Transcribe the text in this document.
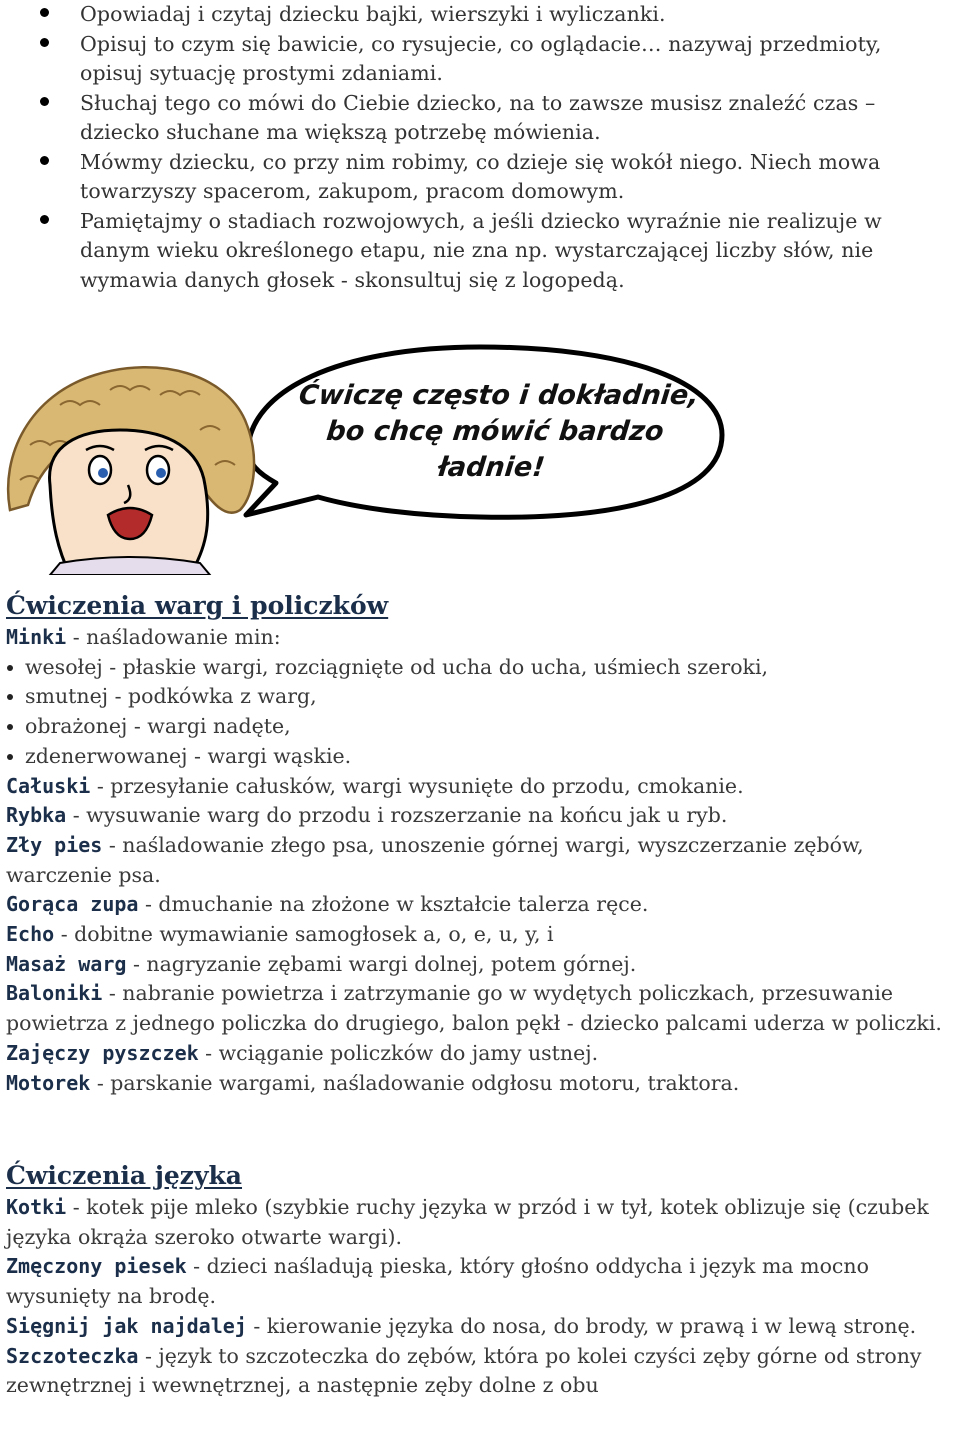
Opowiadaj i czytaj dziecku bajki, wierszyki i wyliczanki.

Opisuj to czym się bawicie, co rysujecie, co oglądacie… nazywaj przedmioty, opisuj sytuację prostymi zdaniami.

Słuchaj tego co mówi do Ciebie dziecko, na to zawsze musisz znaleźć czas – dziecko słuchane ma większą potrzebę mówienia.

Mówmy dziecku, co przy nim robimy, co dzieje się wokół niego. Niech mowa towarzyszy spacerom, zakupom, pracom domowym.

Pamiętajmy o stadiach rozwojowych, a jeśli dziecko wyraźnie nie realizuje w danym wieku określonego etapu, nie zna np. wystarczającej liczby słów, nie wymawia danych głosek - skonsultuj się z logopedą.

Ćwiczę często i dokładnie,
bo chcę mówić bardzo
ładnie!
Ćwiczenia warg i policzków

Minki - naśladowanie min:

wesołej - płaskie wargi, rozciągnięte od ucha do ucha, uśmiech szeroki,

smutnej - podkówka z warg,

obrażonej - wargi nadęte,

zdenerwowanej - wargi wąskie.

Całuski - przesyłanie całusków, wargi wysunięte do przodu, cmokanie.

Rybka - wysuwanie warg do przodu i rozszerzanie na końcu jak u ryb.

Zły pies - naśladowanie złego psa, unoszenie górnej wargi, wyszczerzanie zębów, warczenie psa.

Gorąca zupa - dmuchanie na złożone w kształcie talerza ręce.

Echo - dobitne wymawianie samogłosek a, o, e, u, y, i

Masaż warg - nagryzanie zębami wargi dolnej, potem górnej.

Baloniki - nabranie powietrza i zatrzymanie go w wydętych policzkach, przesuwanie powietrza z jednego policzka do drugiego, balon pękł - dziecko palcami uderza w policzki.

Zajęczy pyszczek - wciąganie policzków do jamy ustnej.

Motorek - parskanie wargami, naśladowanie odgłosu motoru, traktora.

Ćwiczenia języka

Kotki - kotek pije mleko (szybkie ruchy języka w przód i w tył, kotek oblizuje się (czubek języka okrąża szeroko otwarte wargi).

Zmęczony piesek - dzieci naśladują pieska, który głośno oddycha i język ma mocno wysunięty na brodę.

Sięgnij jak najdalej - kierowanie języka do nosa, do brody, w prawą i w lewą stronę.

Szczoteczka - język to szczoteczka do zębów, która po kolei czyści zęby górne od strony zewnętrznej i wewnętrznej, a następnie zęby dolne z obu
